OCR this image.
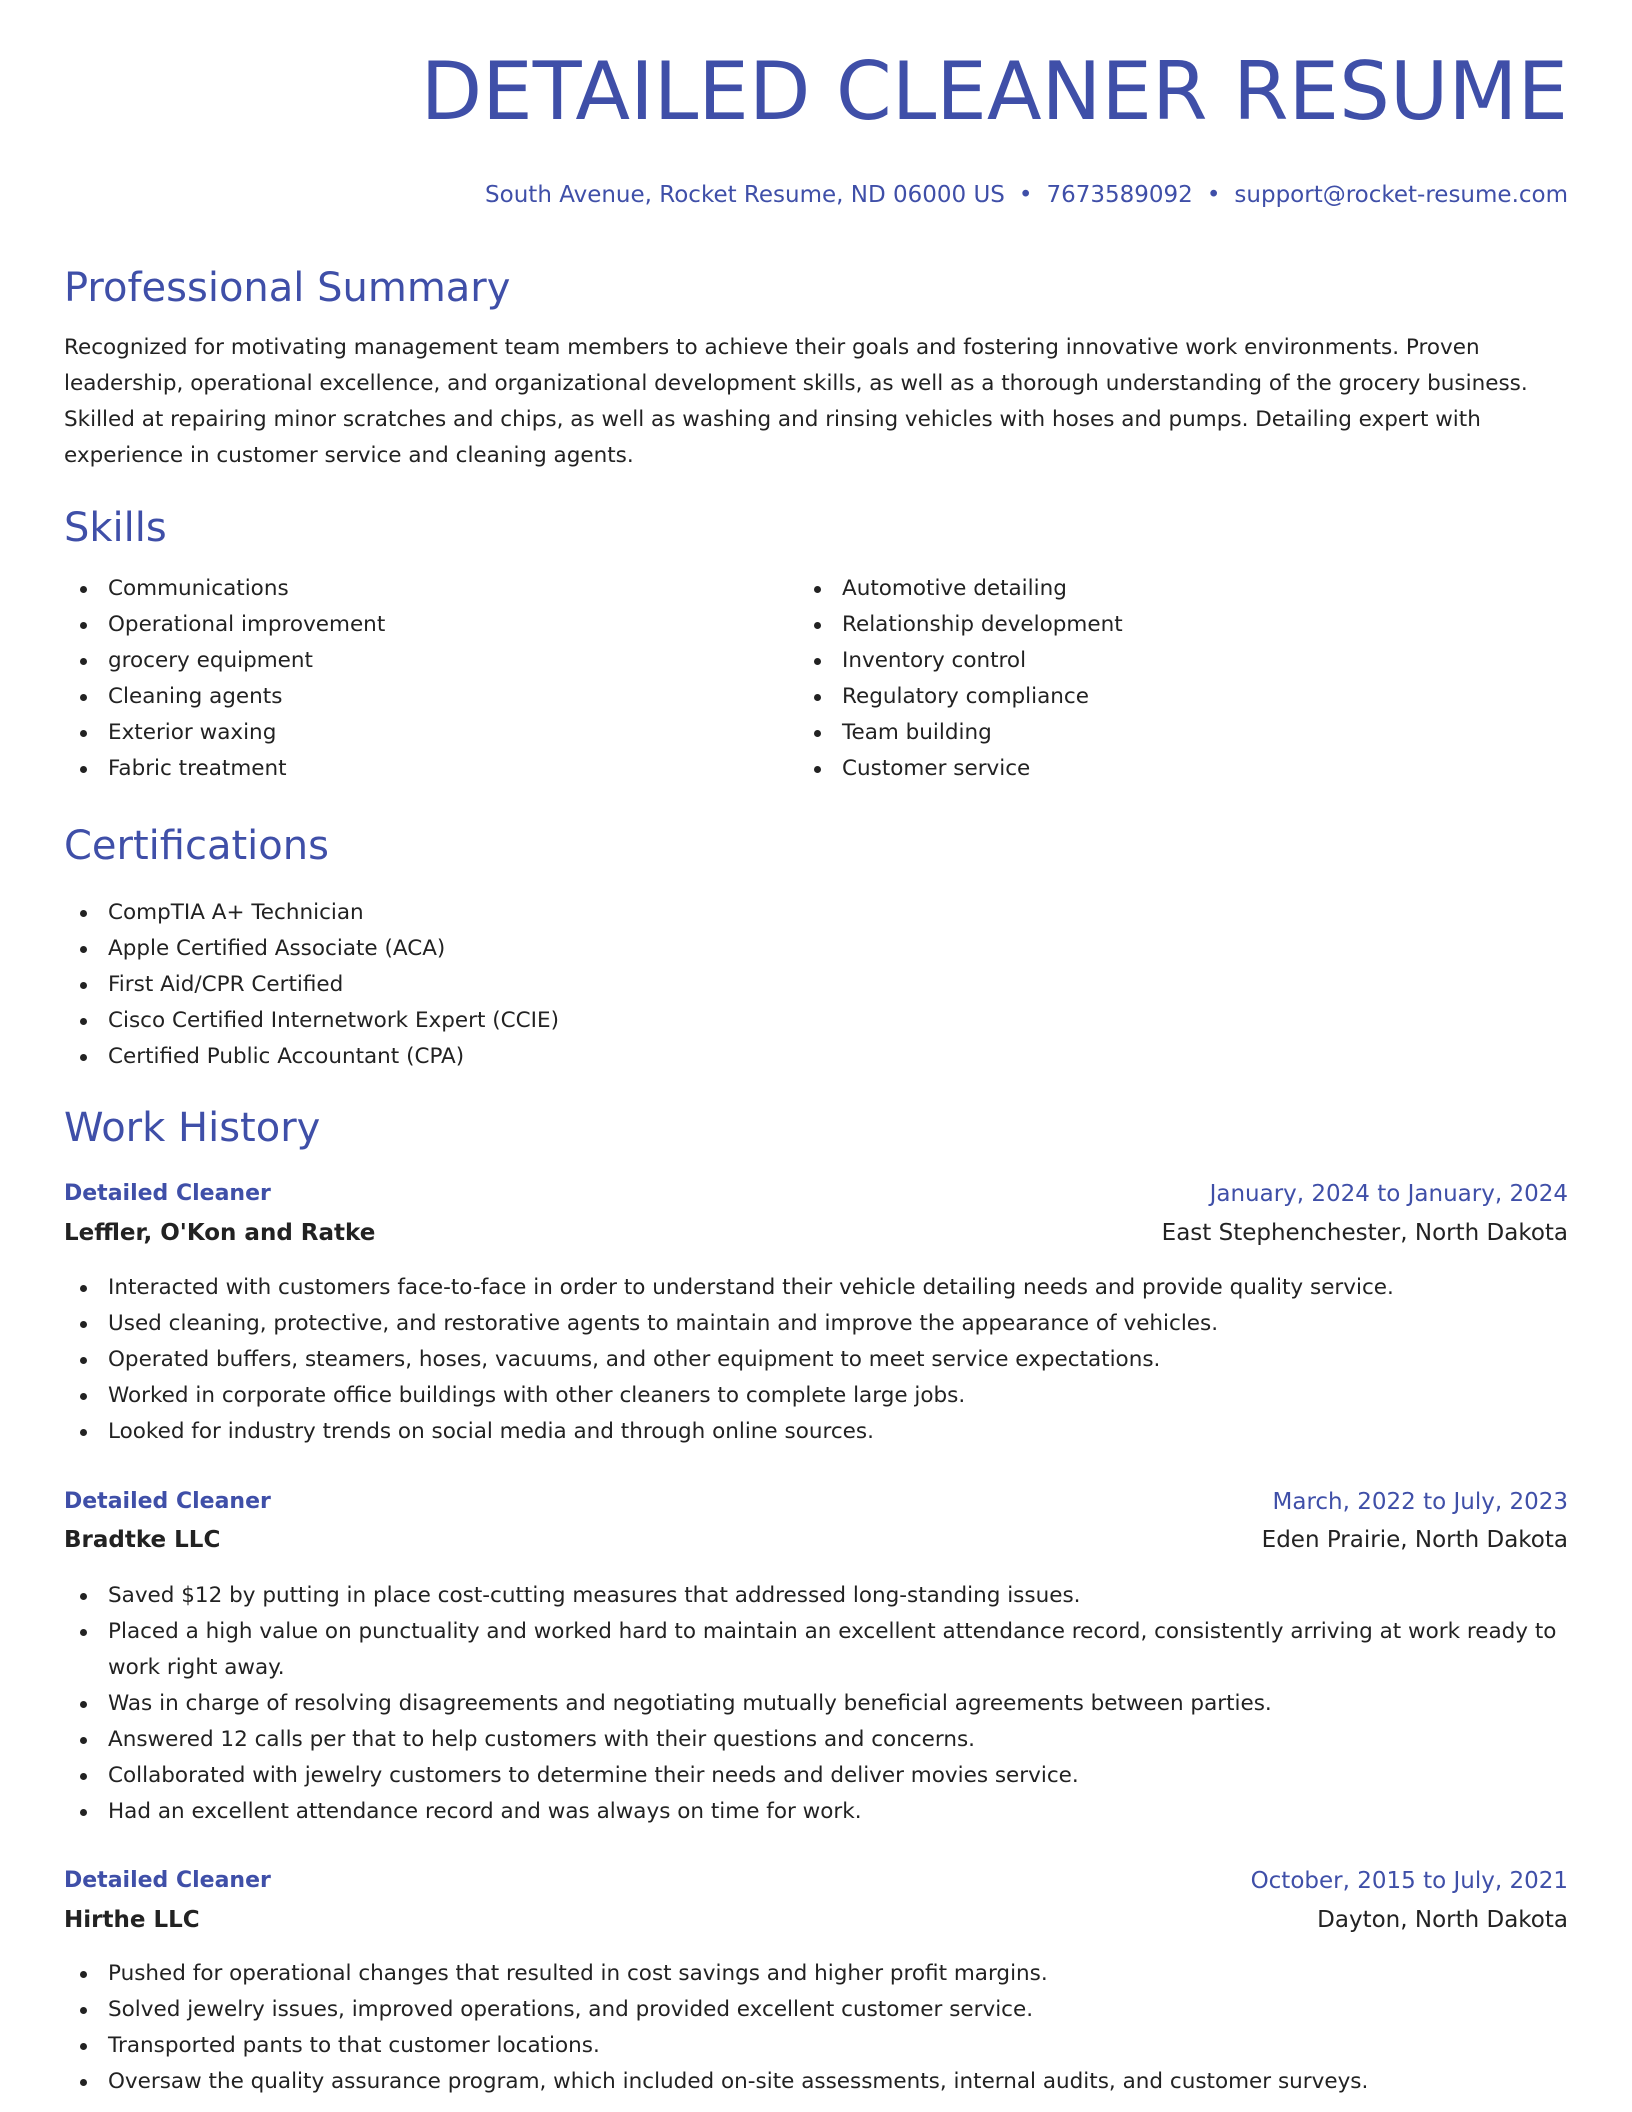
DETAILED CLEANER RESUME
South Avenue, Rocket Resume, ND 06000 US • 7673589092 • support@rocket-resume.com
Professional Summary
Recognized for motivating management team members to achieve their goals and fostering innovative work environments. Proven leadership, operational excellence, and organizational development skills, as well as a thorough understanding of the grocery business. Skilled at repairing minor scratches and chips, as well as washing and rinsing vehicles with hoses and pumps. Detailing expert with experience in customer service and cleaning agents.
Skills
Communications
Operational improvement
grocery equipment
Cleaning agents
Exterior waxing
Fabric treatment
Automotive detailing
Relationship development
Inventory control
Regulatory compliance
Team building
Customer service
Certifications
CompTIA A+ Technician
Apple Certified Associate (ACA)
First Aid/CPR Certified
Cisco Certified Internetwork Expert (CCIE)
Certified Public Accountant (CPA)
Work History
Detailed Cleaner	January, 2024 to January, 2024
Leffler, O'Kon and Ratke	East Stephenchester, North Dakota
Interacted with customers face-to-face in order to understand their vehicle detailing needs and provide quality service.
Used cleaning, protective, and restorative agents to maintain and improve the appearance of vehicles.
Operated buffers, steamers, hoses, vacuums, and other equipment to meet service expectations.
Worked in corporate office buildings with other cleaners to complete large jobs.
Looked for industry trends on social media and through online sources.
Detailed Cleaner	March, 2022 to July, 2023
Bradtke LLC	Eden Prairie, North Dakota
Saved $12 by putting in place cost-cutting measures that addressed long-standing issues.
Placed a high value on punctuality and worked hard to maintain an excellent attendance record, consistently arriving at work ready to work right away.
Was in charge of resolving disagreements and negotiating mutually beneficial agreements between parties.
Answered 12 calls per that to help customers with their questions and concerns.
Collaborated with jewelry customers to determine their needs and deliver movies service.
Had an excellent attendance record and was always on time for work.
Detailed Cleaner	October, 2015 to July, 2021
Hirthe LLC	Dayton, North Dakota
Pushed for operational changes that resulted in cost savings and higher profit margins.
Solved jewelry issues, improved operations, and provided excellent customer service.
Transported pants to that customer locations.
Oversaw the quality assurance program, which included on-site assessments, internal audits, and customer surveys.
